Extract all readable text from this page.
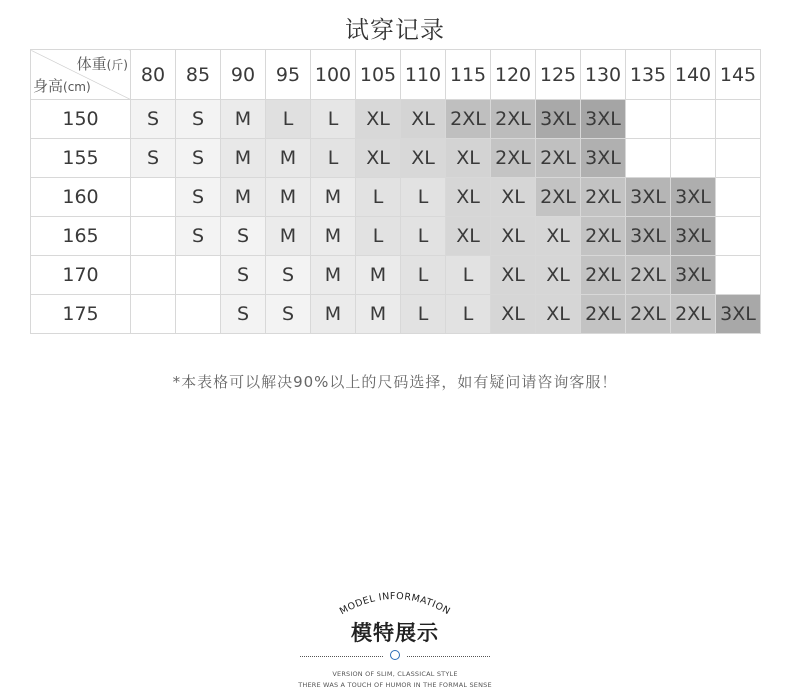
试穿记录
体重(斤)
身高(cm)	80	85	90	95	100	105	110	115	120	125	130	135	140	145
150	S	S	M	L	L	XL	XL	2XL	2XL	3XL	3XL			
155	S	S	M	M	L	XL	XL	XL	2XL	2XL	3XL			
160		S	M	M	M	L	L	XL	XL	2XL	2XL	3XL	3XL	
165		S	S	M	M	L	L	XL	XL	XL	2XL	3XL	3XL	
170			S	S	M	M	L	L	XL	XL	2XL	2XL	3XL	
175			S	S	M	M	L	L	XL	XL	2XL	2XL	2XL	3XL
*本表格可以解决90%以上的尺码选择，如有疑问请咨询客服！
MODEL INFORMATION
模特展示
VERSION OF SLIM, CLASSICAL STYLE
THERE WAS A TOUCH OF HUMOR IN THE FORMAL SENSE
